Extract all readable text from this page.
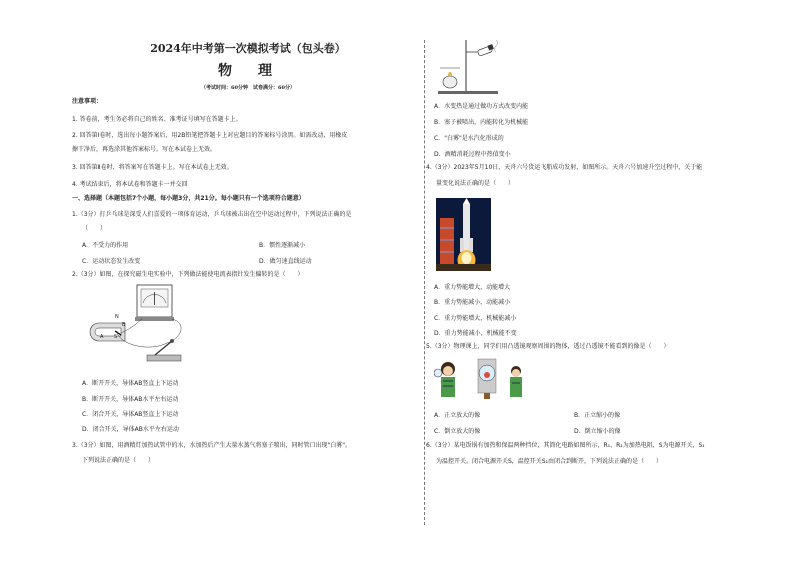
2024年中考第一次模拟考试（包头卷）
物　理
（考试时间：60分钟　试卷满分：60分）
注意事项：
1. 答卷前，考生务必将自己的姓名、准考证号填写在答题卡上。
2. 回答第Ⅰ卷时，选出每小题答案后，用2B铅笔把答题卡上对应题目的答案标号涂黑。如需改动，用橡皮
擦干净后，再选涂其他答案标号。写在本试卷上无效。
3. 回答第Ⅱ卷时，将答案写在答题卡上。写在本试卷上无效。
4. 考试结束后，将本试卷和答题卡一并交回
一、选择题（本题包括7个小题，每小题3分，共21分。每小题只有一个选项符合题意）
1.（3分）打乒乓球是深受人们喜爱的一项体育运动，乒乓球被击出在空中运动过程中，下列说法正确的是
（　　）
A．不受力的作用	B．惯性逐渐减小
C．运动状态发生改变	D．做匀速直线运动
2.（3分）如图，在探究磁生电实验中，下列做法能使电流表指针发生偏转的是（　　）
N
B
A S
A．断开开关，导体AB竖直上下运动
B．断开开关，导体AB水平左右运动
C．闭合开关，导体AB竖直上下运动
D．闭合开关，导体AB水平左右运动
3.（3分）如图，用酒精灯加热试管中的水，水加热后产生大量水蒸气将塞子喷出，同时管口出现"白雾"。
下列说法正确的是（　　）
A．水变热是通过做功方式改变内能
B．塞子被喷出，内能转化为机械能
C．"白雾"是水汽化形成的
D．酒精消耗过程中热值变小
4.（3分）2023年5月10日，天舟六号货运飞船成功发射，如图所示。天舟六号加速升空过程中，关于能
量变化说法正确的是（　　）
A．重力势能增大，动能增大
B．重力势能减小，动能减小
C．重力势能增大，机械能减小
D．重力势能减小，机械能不变
5.（3分）物理课上，同学们用凸透镜观察周围的物体，透过凸透镜不能看到的像是（　　）
A．正立放大的像	B．正立缩小的像
C．倒立放大的像	D．倒立缩小的像
6.（3分）某电饭锅有加热和保温两种挡位，其简化电路如图所示，R₁、R₂为加热电阻，S为电源开关，S₁
为温控开关。闭合电源开关S，温控开关S₁由闭合到断开，下列说法正确的是（　　）
